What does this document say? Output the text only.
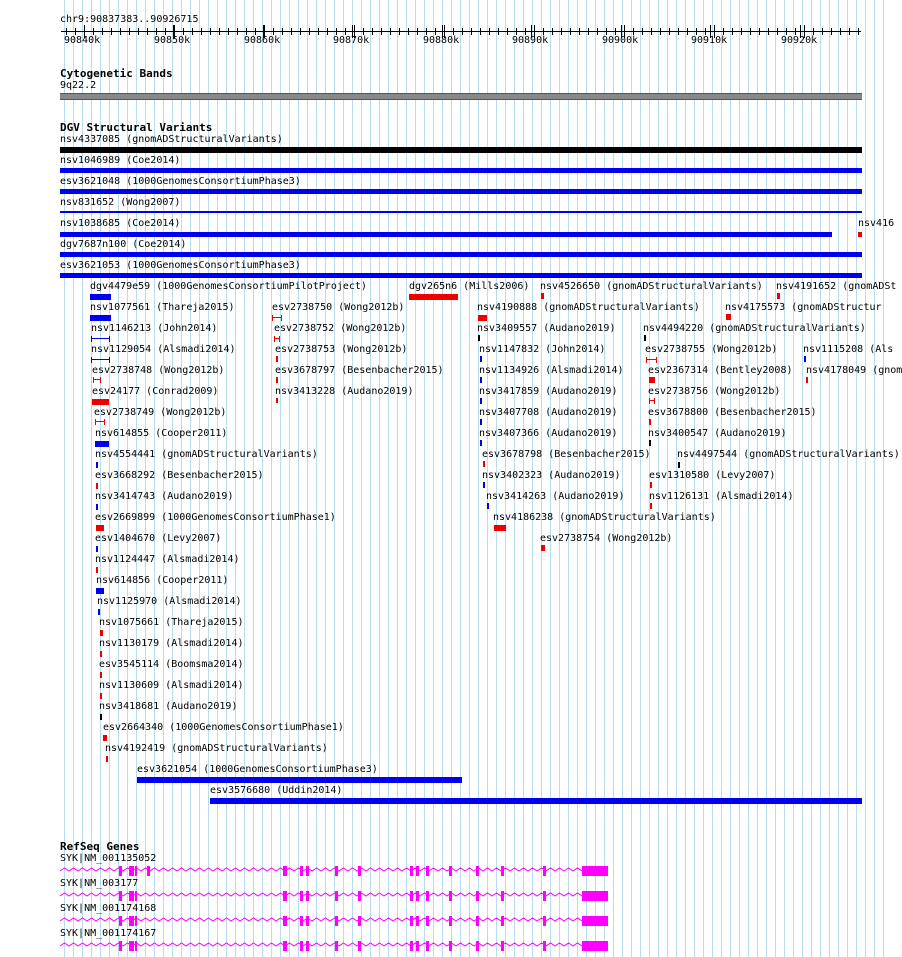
chr9:90837383..90926715
90840k	90850k	90860k	90870k	90880k	90890k	90900k	90910k	90920k
Cytogenetic Bands
9q22.2
DGV Structural Variants
nsv4337085 (gnomADStructuralVariants)
nsv1046989 (Coe2014)
esv3621048 (1000GenomesConsortiumPhase3)
nsv831652 (Wong2007)
nsv1038685 (Coe2014)	nsv416
dgv7687n100 (Coe2014)
esv3621053 (1000GenomesConsortiumPhase3)
dgv4479e59 (1000GenomesConsortiumPilotProject)	dgv265n6 (Mills2006) nsv4526650 (gnomADStructuralVariants) nsv4191652 (gnomADSt
nsv1077561 (Thareja2015)	esv2738750 (Wong2012b)	nsv4190888 (gnomADStructuralVariants)	nsv4175573 (gnomADStructur
nsv1146213 (John2014)	esv2738752 (Wong2012b)	nsv3409557 (Audano2019)	nsv4494220 (gnomADStructuralVariants)
nsv1129054 (Alsmadi2014)	esv2738753 (Wong2012b)	nsv1147832 (John2014)	esv2738755 (Wong2012b)	nsv1115208 (Als
esv2738748 (Wong2012b)	esv3678797 (Besenbacher2015)	nsv1134926 (Alsmadi2014) esv2367314 (Bentley2008) nsv4178049 (gnom
esv24177 (Conrad2009)	nsv3413228 (Audano2019)	nsv3417859 (Audano2019)	esv2738756 (Wong2012b)
esv2738749 (Wong2012b)	nsv3407708 (Audano2019)	esv3678800 (Besenbacher2015)
nsv614855 (Cooper2011)	nsv3407366 (Audano2019)	nsv3400547 (Audano2019)
nsv4554441 (gnomADStructuralVariants)	esv3678798 (Besenbacher2015)	nsv4497544 (gnomADStructuralVariants)
esv3668292 (Besenbacher2015)	nsv3402323 (Audano2019)	esv1310580 (Levy2007)
nsv3414743 (Audano2019)	nsv3414263 (Audano2019) nsv1126131 (Alsmadi2014)
esv2669899 (1000GenomesConsortiumPhase1)	nsv4186238 (gnomADStructuralVariants)
esv1404670 (Levy2007)	esv2738754 (Wong2012b)
nsv1124447 (Alsmadi2014)
nsv614856 (Cooper2011)
nsv1125970 (Alsmadi2014)
nsv1075661 (Thareja2015)
nsv1130179 (Alsmadi2014)
esv3545114 (Boomsma2014)
nsv1130609 (Alsmadi2014)
nsv3418681 (Audano2019)
esv2664340 (1000GenomesConsortiumPhase1)
nsv4192419 (gnomADStructuralVariants)
esv3621054 (1000GenomesConsortiumPhase3)
esv3576680 (Uddin2014)
RefSeq Genes
SYK|NM_001135052
SYK|NM_003177
SYK|NM_001174168
SYK|NM_001174167
